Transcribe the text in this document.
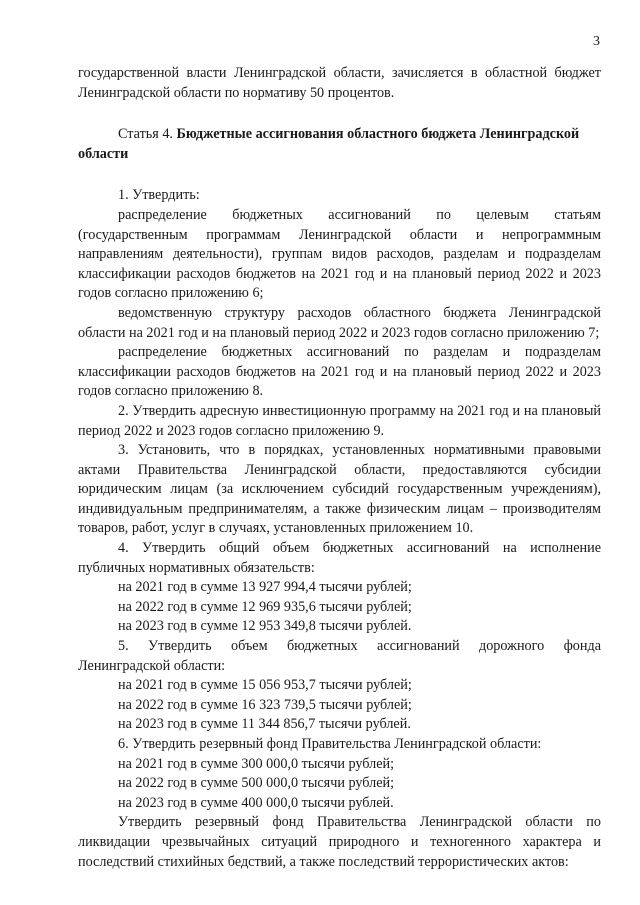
3

государственной власти Ленинградской области, зачисляется в областной бюджет Ленинградской области по нормативу 50 процентов.

Статья 4. Бюджетные ассигнования областного бюджета Ленинградской области

1. Утвердить:

распределение бюджетных ассигнований по целевым статьям (государственным программам Ленинградской области и непрограммным направлениям деятельности), группам видов расходов, разделам и подразделам классификации расходов бюджетов на 2021 год и на плановый период 2022 и 2023 годов согласно приложению 6;

ведомственную структуру расходов областного бюджета Ленинградской области на 2021 год и на плановый период 2022 и 2023 годов согласно приложению 7;

распределение бюджетных ассигнований по разделам и подразделам классификации расходов бюджетов на 2021 год и на плановый период 2022 и 2023 годов согласно приложению 8.

2. Утвердить адресную инвестиционную программу на 2021 год и на плановый период 2022 и 2023 годов согласно приложению 9.

3. Установить, что в порядках, установленных нормативными правовыми актами Правительства Ленинградской области, предоставляются субсидии юридическим лицам (за исключением субсидий государственным учреждениям), индивидуальным предпринимателям, а также физическим лицам – производителям товаров, работ, услуг в случаях, установленных приложением 10.

4. Утвердить общий объем бюджетных ассигнований на исполнение публичных нормативных обязательств:

на 2021 год в сумме 13 927 994,4 тысячи рублей;

на 2022 год в сумме 12 969 935,6 тысячи рублей;

на 2023 год в сумме 12 953 349,8 тысячи рублей.

5. Утвердить объем бюджетных ассигнований дорожного фонда Ленинградской области:

на 2021 год в сумме 15 056 953,7 тысячи рублей;

на 2022 год в сумме 16 323 739,5 тысячи рублей;

на 2023 год в сумме 11 344 856,7 тысячи рублей.

6. Утвердить резервный фонд Правительства Ленинградской области:

на 2021 год в сумме 300 000,0 тысячи рублей;

на 2022 год в сумме 500 000,0 тысячи рублей;

на 2023 год в сумме 400 000,0 тысячи рублей.

Утвердить резервный фонд Правительства Ленинградской области по ликвидации чрезвычайных ситуаций природного и техногенного характера и последствий стихийных бедствий, а также последствий террористических актов:
